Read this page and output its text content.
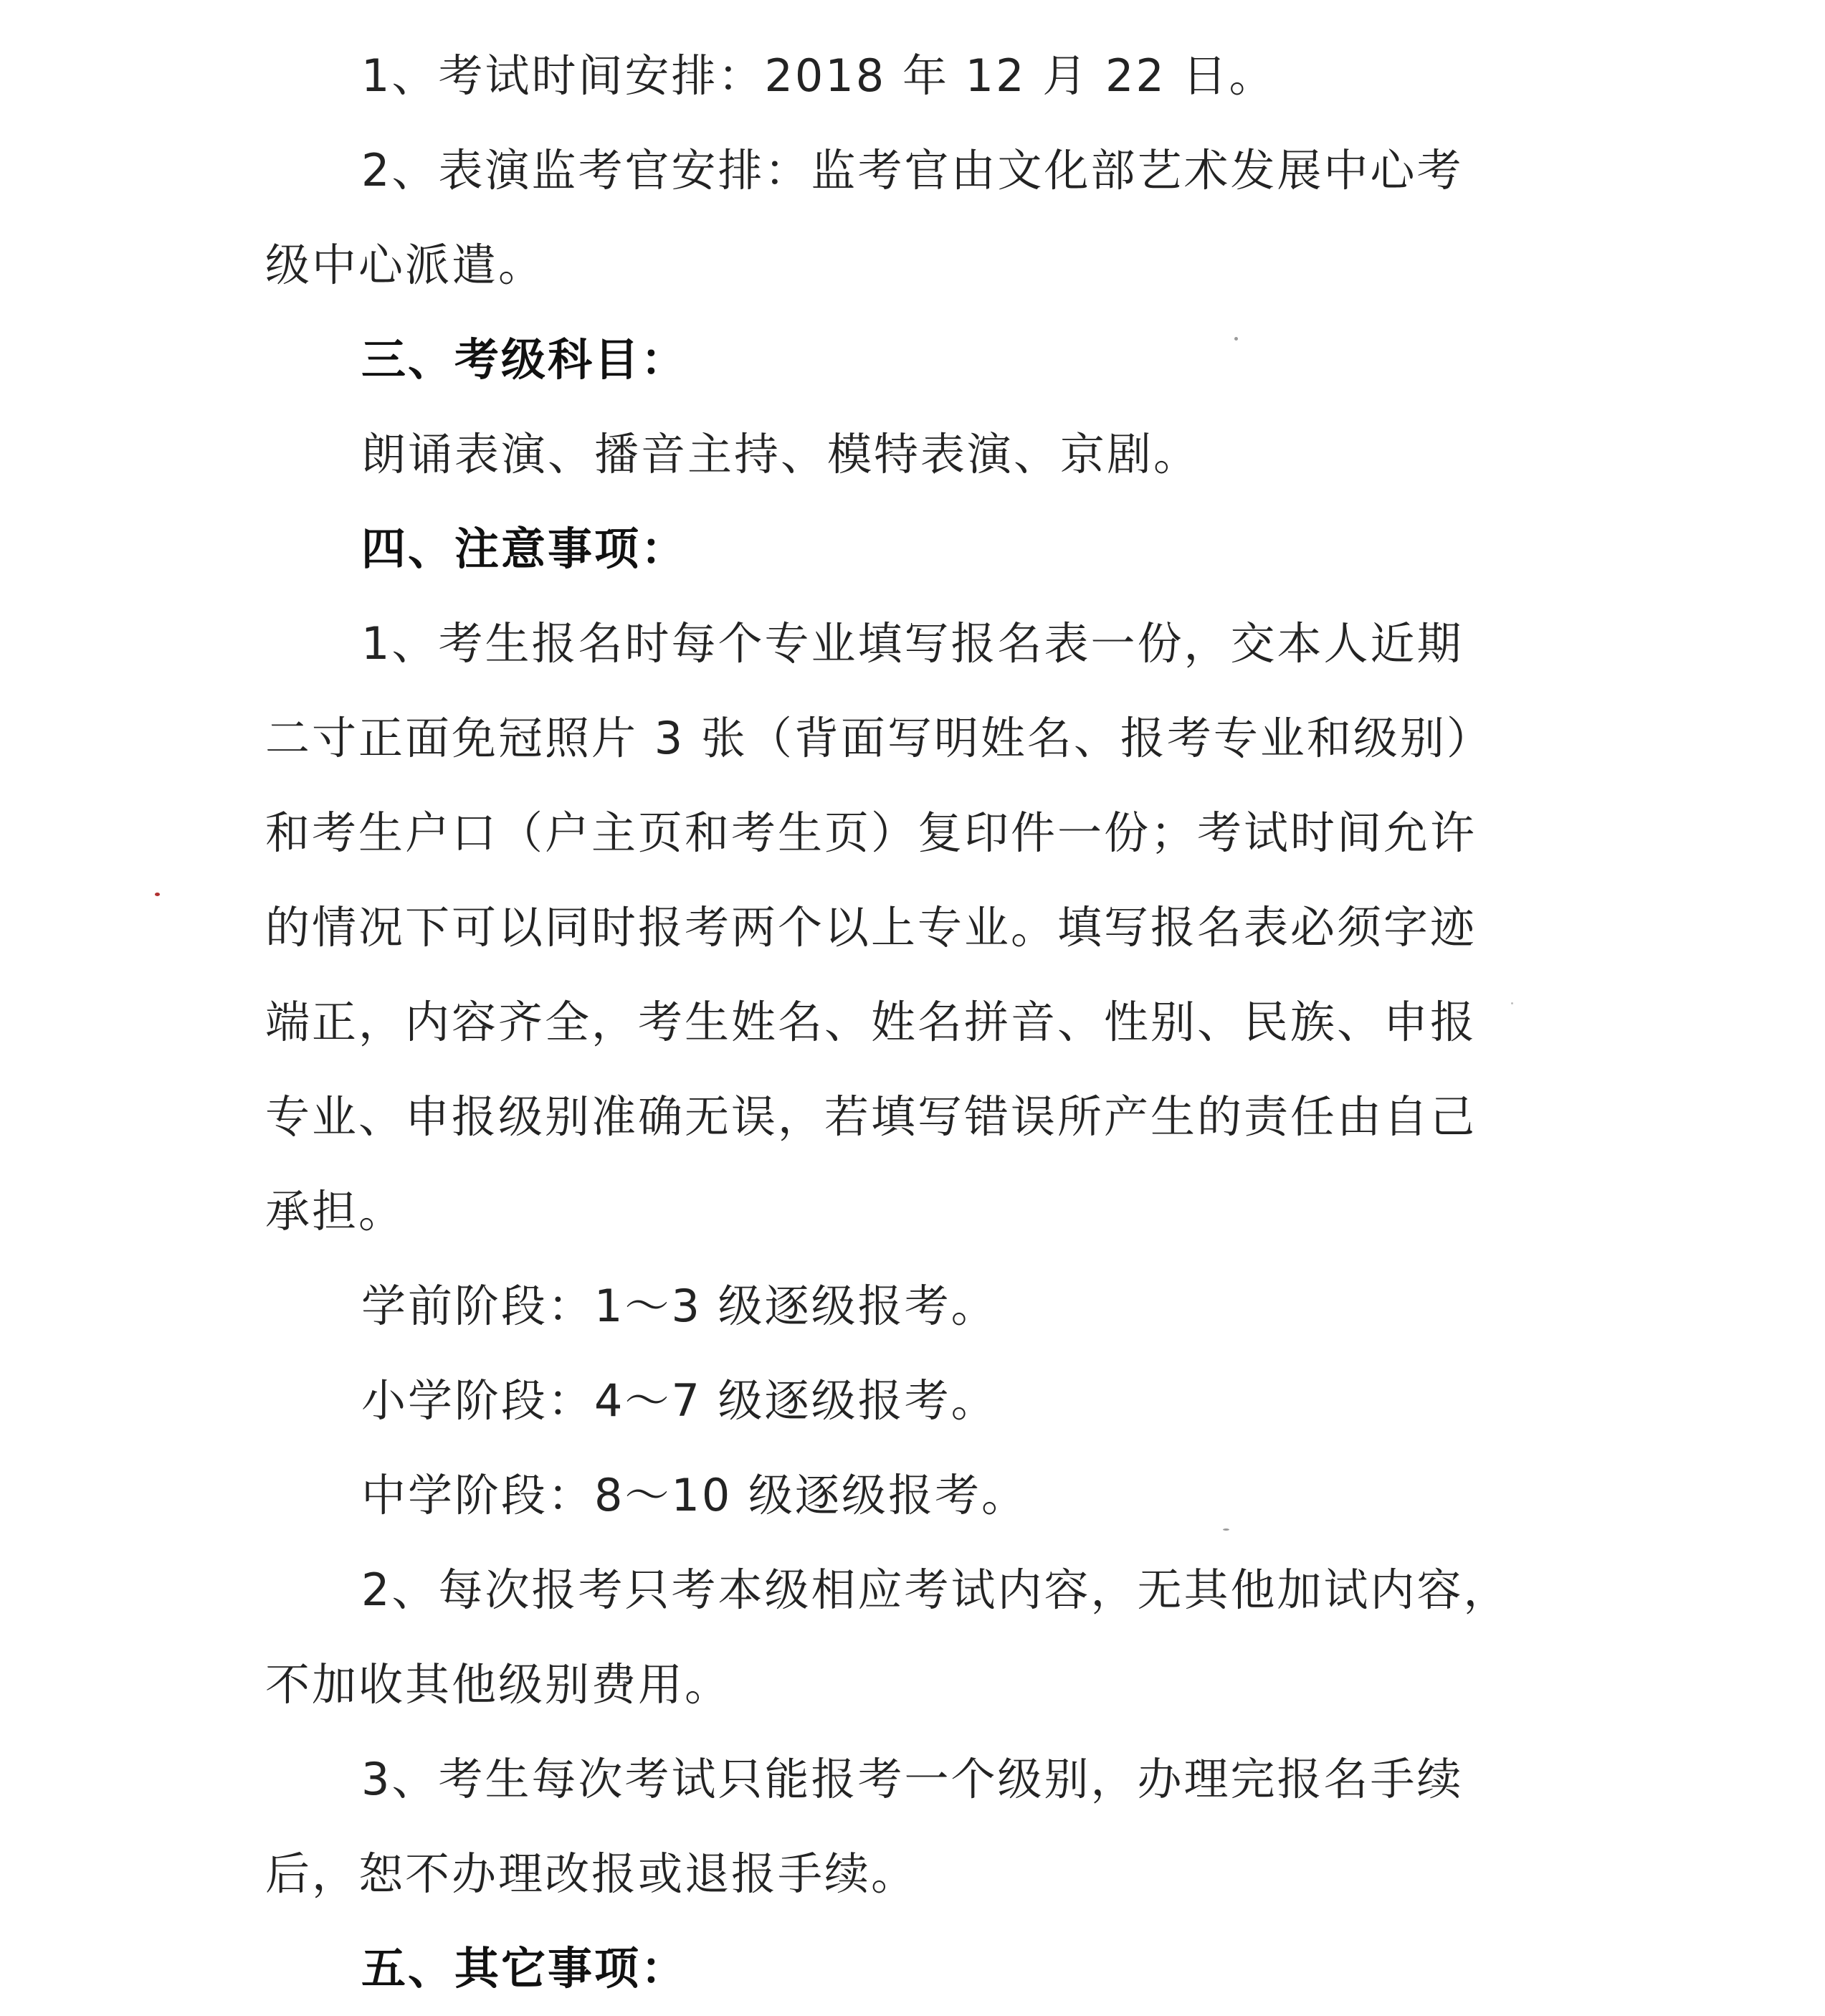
1、考试时间安排：2018 年 12 月 22 日。
2、表演监考官安排：监考官由文化部艺术发展中心考
级中心派遣。
三、考级科目：
朗诵表演、播音主持、模特表演、京剧。
四、注意事项：
1、考生报名时每个专业填写报名表一份，交本人近期
二寸正面免冠照片 3 张（背面写明姓名、报考专业和级别）
和考生户口（户主页和考生页）复印件一份；考试时间允许
的情况下可以同时报考两个以上专业。填写报名表必须字迹
端正，内容齐全，考生姓名、姓名拼音、性别、民族、申报
专业、申报级别准确无误，若填写错误所产生的责任由自己
承担。
学前阶段：1～3 级逐级报考。
小学阶段：4～7 级逐级报考。
中学阶段：8～10 级逐级报考。
2、每次报考只考本级相应考试内容，无其他加试内容，
不加收其他级别费用。
3、考生每次考试只能报考一个级别，办理完报名手续
后，恕不办理改报或退报手续。
五、其它事项：
